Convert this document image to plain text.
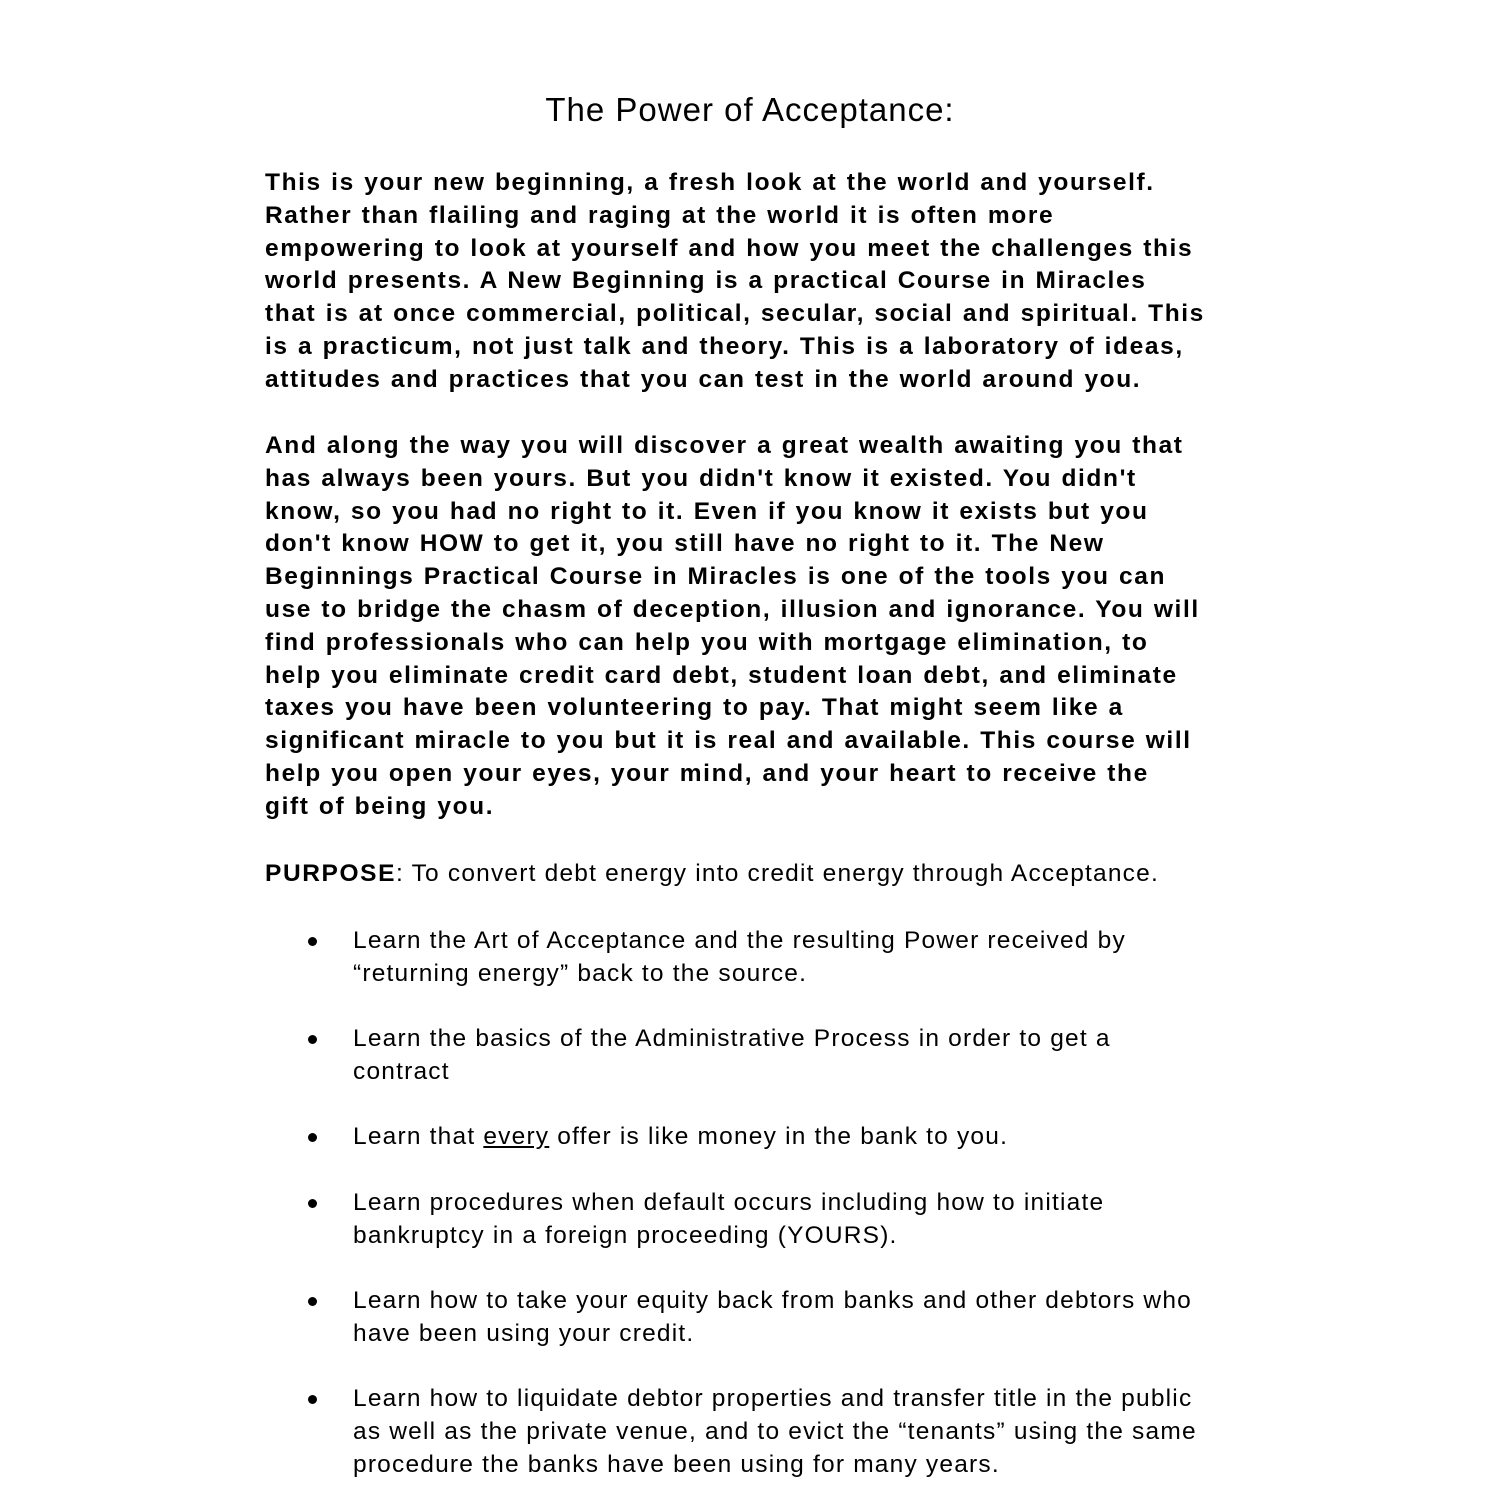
The Power of Acceptance:

This is your new beginning, a fresh look at the world and yourself.
Rather than flailing and raging at the world it is often more
empowering to look at yourself and how you meet the challenges this
world presents. A New Beginning is a practical Course in Miracles
that is at once commercial, political, secular, social and spiritual. This
is a practicum, not just talk and theory. This is a laboratory of ideas,
attitudes and practices that you can test in the world around you.

And along the way you will discover a great wealth awaiting you that
has always been yours. But you didn't know it existed. You didn't
know, so you had no right to it. Even if you know it exists but you
don't know HOW to get it, you still have no right to it. The New
Beginnings Practical Course in Miracles is one of the tools you can
use to bridge the chasm of deception, illusion and ignorance. You will
find professionals who can help you with mortgage elimination, to
help you eliminate credit card debt, student loan debt, and eliminate
taxes you have been volunteering to pay. That might seem like a
significant miracle to you but it is real and available. This course will
help you open your eyes, your mind, and your heart to receive the
gift of being you.

PURPOSE: To convert debt energy into credit energy through Acceptance.

Learn the Art of Acceptance and the resulting Power received by
“returning energy” back to the source.
Learn the basics of the Administrative Process in order to get a
contract
Learn that every offer is like money in the bank to you.
Learn procedures when default occurs including how to initiate
bankruptcy in a foreign proceeding (YOURS).
Learn how to take your equity back from banks and other debtors who
have been using your credit.
Learn how to liquidate debtor properties and transfer title in the public
as well as the private venue, and to evict the “tenants” using the same
procedure the banks have been using for many years.
